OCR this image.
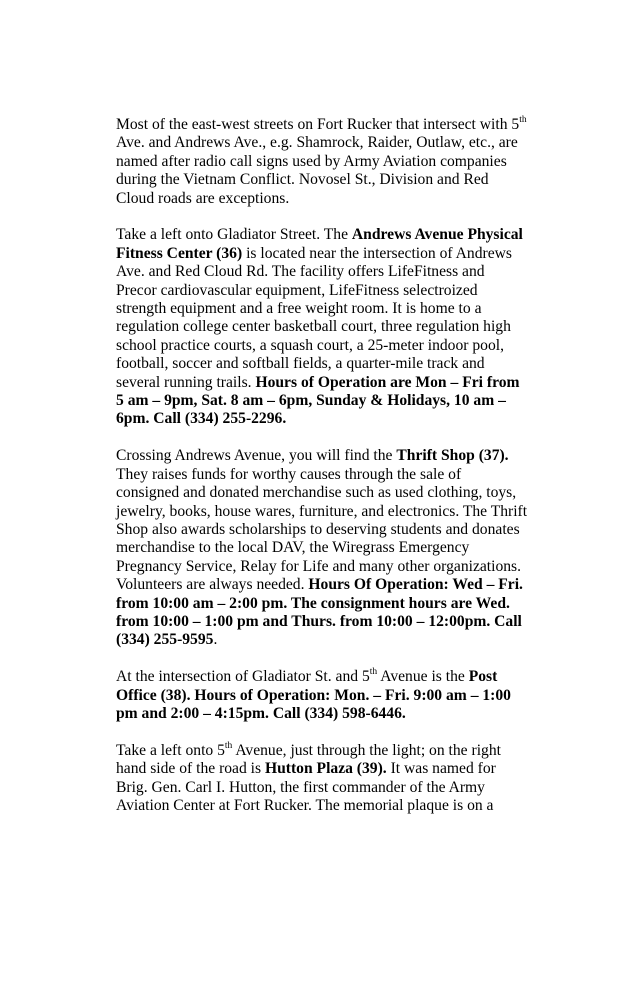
Most of the east-west streets on Fort Rucker that intersect with 5th Ave. and Andrews Ave., e.g. Shamrock, Raider, Outlaw, etc., are named after radio call signs used by Army Aviation companies during the Vietnam Conflict. Novosel St., Division and Red Cloud roads are exceptions.

Take a left onto Gladiator Street. The Andrews Avenue Physical Fitness Center (36) is located near the intersection of Andrews Ave. and Red Cloud Rd. The facility offers LifeFitness and Precor cardiovascular equipment, LifeFitness selectroized strength equipment and a free weight room. It is home to a regulation college center basketball court, three regulation high school practice courts, a squash court, a 25-meter indoor pool, football, soccer and softball fields, a quarter-mile track and several running trails. Hours of Operation are Mon – Fri from 5 am – 9pm, Sat. 8 am – 6pm, Sunday & Holidays, 10 am – 6pm. Call (334) 255-2296.

Crossing Andrews Avenue, you will find the Thrift Shop (37). They raises funds for worthy causes through the sale of consigned and donated merchandise such as used clothing, toys, jewelry, books, house wares, furniture, and electronics. The Thrift Shop also awards scholarships to deserving students and donates merchandise to the local DAV, the Wiregrass Emergency Pregnancy Service, Relay for Life and many other organizations. Volunteers are always needed. Hours Of Operation: Wed – Fri. from 10:00 am – 2:00 pm. The consignment hours are Wed. from 10:00 – 1:00 pm and Thurs. from 10:00 – 12:00pm. Call (334) 255-9595.

At the intersection of Gladiator St. and 5th Avenue is the Post Office (38). Hours of Operation: Mon. – Fri. 9:00 am – 1:00 pm and 2:00 – 4:15pm. Call (334) 598-6446.

Take a left onto 5th Avenue, just through the light; on the right hand side of the road is Hutton Plaza (39). It was named for Brig. Gen. Carl I. Hutton, the first commander of the Army Aviation Center at Fort Rucker. The memorial plaque is on a
